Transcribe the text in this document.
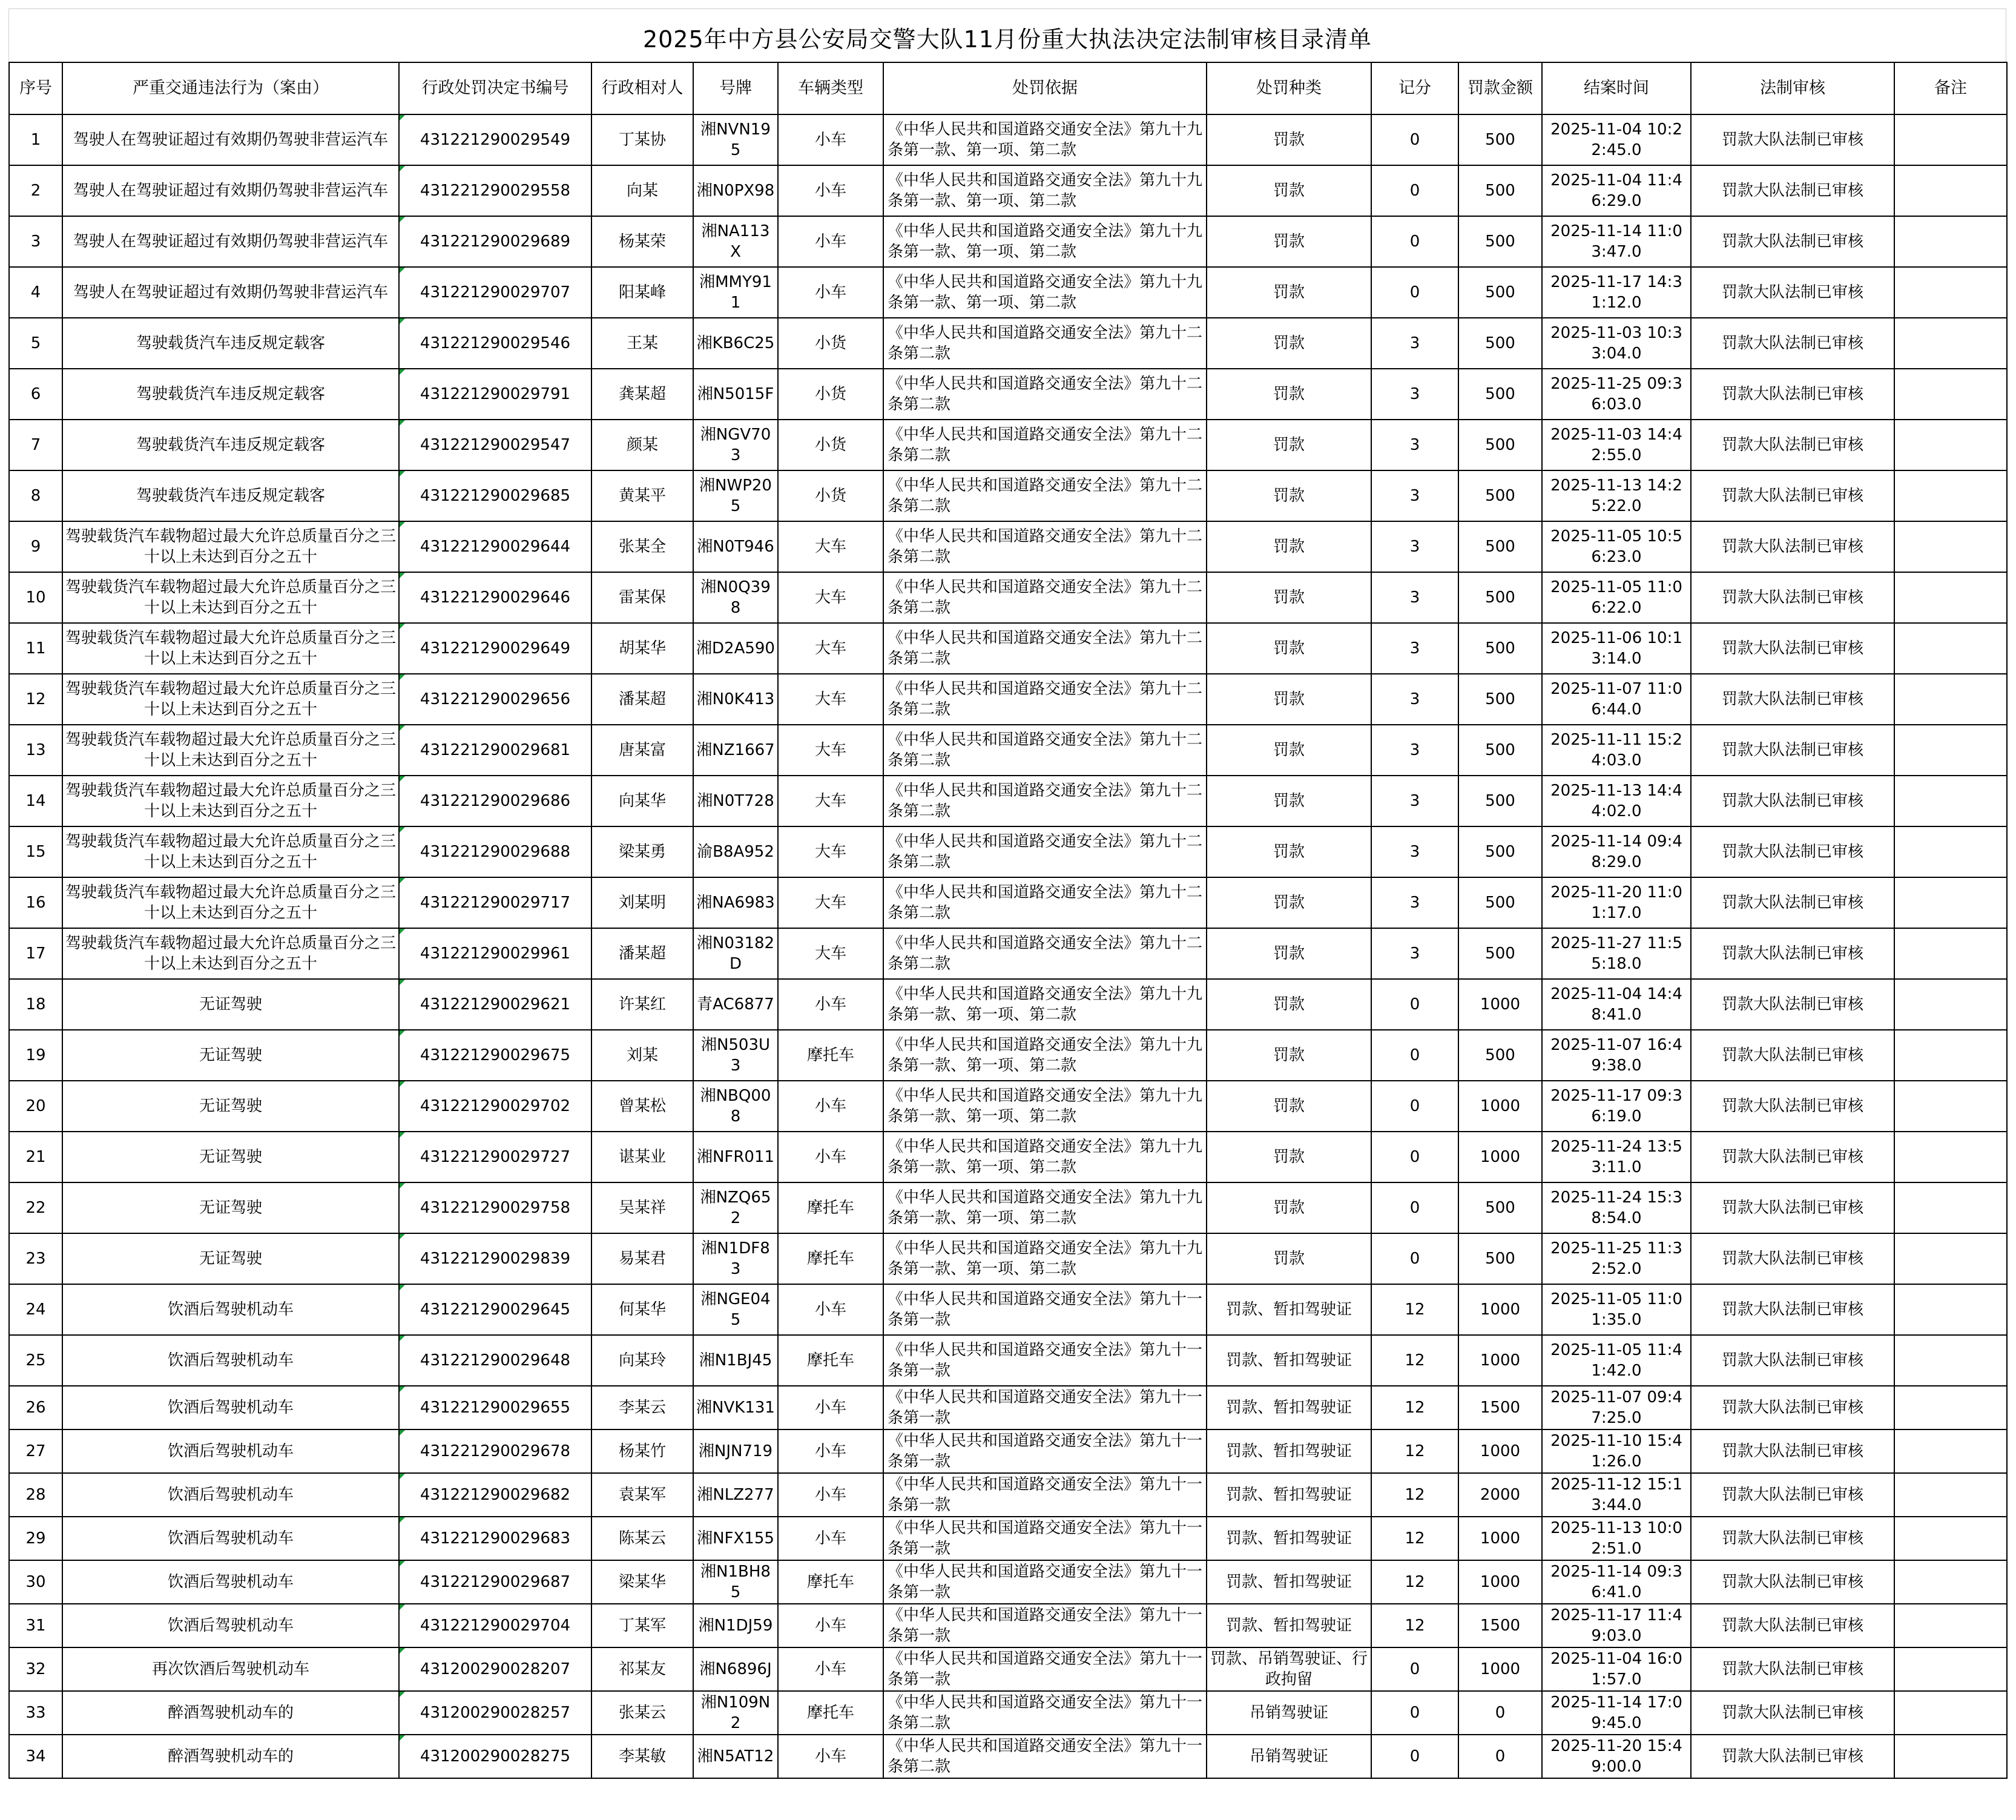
2025年中方县公安局交警大队11月份重大执法决定法制审核目录清单
序号	严重交通违法行为（案由）	行政处罚决定书编号	行政相对人	号牌	车辆类型	处罚依据	处罚种类	记分	罚款金额	结案时间	法制审核	备注
1	驾驶人在驾驶证超过有效期仍驾驶非营运汽车	431221290029549	丁某协	湘NVN195	小车	《中华人民共和国道路交通安全法》第九十九条第一款、第一项、第二款	罚款	0	500	2025-11-04 10:22:45.0	罚款大队法制已审核	
2	驾驶人在驾驶证超过有效期仍驾驶非营运汽车	431221290029558	向某	湘N0PX98	小车	《中华人民共和国道路交通安全法》第九十九条第一款、第一项、第二款	罚款	0	500	2025-11-04 11:46:29.0	罚款大队法制已审核	
3	驾驶人在驾驶证超过有效期仍驾驶非营运汽车	431221290029689	杨某荣	湘NA113X	小车	《中华人民共和国道路交通安全法》第九十九条第一款、第一项、第二款	罚款	0	500	2025-11-14 11:03:47.0	罚款大队法制已审核	
4	驾驶人在驾驶证超过有效期仍驾驶非营运汽车	431221290029707	阳某峰	湘MMY911	小车	《中华人民共和国道路交通安全法》第九十九条第一款、第一项、第二款	罚款	0	500	2025-11-17 14:31:12.0	罚款大队法制已审核	
5	驾驶载货汽车违反规定载客	431221290029546	王某	湘KB6C25	小货	《中华人民共和国道路交通安全法》第九十二条第二款	罚款	3	500	2025-11-03 10:33:04.0	罚款大队法制已审核	
6	驾驶载货汽车违反规定载客	431221290029791	龚某超	湘N5015F	小货	《中华人民共和国道路交通安全法》第九十二条第二款	罚款	3	500	2025-11-25 09:36:03.0	罚款大队法制已审核	
7	驾驶载货汽车违反规定载客	431221290029547	颜某	湘NGV703	小货	《中华人民共和国道路交通安全法》第九十二条第二款	罚款	3	500	2025-11-03 14:42:55.0	罚款大队法制已审核	
8	驾驶载货汽车违反规定载客	431221290029685	黄某平	湘NWP205	小货	《中华人民共和国道路交通安全法》第九十二条第二款	罚款	3	500	2025-11-13 14:25:22.0	罚款大队法制已审核	
9	驾驶载货汽车载物超过最大允许总质量百分之三十以上未达到百分之五十	431221290029644	张某全	湘N0T946	大车	《中华人民共和国道路交通安全法》第九十二条第二款	罚款	3	500	2025-11-05 10:56:23.0	罚款大队法制已审核	
10	驾驶载货汽车载物超过最大允许总质量百分之三十以上未达到百分之五十	431221290029646	雷某保	湘N0Q398	大车	《中华人民共和国道路交通安全法》第九十二条第二款	罚款	3	500	2025-11-05 11:06:22.0	罚款大队法制已审核	
11	驾驶载货汽车载物超过最大允许总质量百分之三十以上未达到百分之五十	431221290029649	胡某华	湘D2A590	大车	《中华人民共和国道路交通安全法》第九十二条第二款	罚款	3	500	2025-11-06 10:13:14.0	罚款大队法制已审核	
12	驾驶载货汽车载物超过最大允许总质量百分之三十以上未达到百分之五十	431221290029656	潘某超	湘N0K413	大车	《中华人民共和国道路交通安全法》第九十二条第二款	罚款	3	500	2025-11-07 11:06:44.0	罚款大队法制已审核	
13	驾驶载货汽车载物超过最大允许总质量百分之三十以上未达到百分之五十	431221290029681	唐某富	湘NZ1667	大车	《中华人民共和国道路交通安全法》第九十二条第二款	罚款	3	500	2025-11-11 15:24:03.0	罚款大队法制已审核	
14	驾驶载货汽车载物超过最大允许总质量百分之三十以上未达到百分之五十	431221290029686	向某华	湘N0T728	大车	《中华人民共和国道路交通安全法》第九十二条第二款	罚款	3	500	2025-11-13 14:44:02.0	罚款大队法制已审核	
15	驾驶载货汽车载物超过最大允许总质量百分之三十以上未达到百分之五十	431221290029688	梁某勇	渝B8A952	大车	《中华人民共和国道路交通安全法》第九十二条第二款	罚款	3	500	2025-11-14 09:48:29.0	罚款大队法制已审核	
16	驾驶载货汽车载物超过最大允许总质量百分之三十以上未达到百分之五十	431221290029717	刘某明	湘NA6983	大车	《中华人民共和国道路交通安全法》第九十二条第二款	罚款	3	500	2025-11-20 11:01:17.0	罚款大队法制已审核	
17	驾驶载货汽车载物超过最大允许总质量百分之三十以上未达到百分之五十	431221290029961	潘某超	湘N03182D	大车	《中华人民共和国道路交通安全法》第九十二条第二款	罚款	3	500	2025-11-27 11:55:18.0	罚款大队法制已审核	
18	无证驾驶	431221290029621	许某红	青AC6877	小车	《中华人民共和国道路交通安全法》第九十九条第一款、第一项、第二款	罚款	0	1000	2025-11-04 14:48:41.0	罚款大队法制已审核	
19	无证驾驶	431221290029675	刘某	湘N503U3	摩托车	《中华人民共和国道路交通安全法》第九十九条第一款、第一项、第二款	罚款	0	500	2025-11-07 16:49:38.0	罚款大队法制已审核	
20	无证驾驶	431221290029702	曾某松	湘NBQ008	小车	《中华人民共和国道路交通安全法》第九十九条第一款、第一项、第二款	罚款	0	1000	2025-11-17 09:36:19.0	罚款大队法制已审核	
21	无证驾驶	431221290029727	谌某业	湘NFR011	小车	《中华人民共和国道路交通安全法》第九十九条第一款、第一项、第二款	罚款	0	1000	2025-11-24 13:53:11.0	罚款大队法制已审核	
22	无证驾驶	431221290029758	吴某祥	湘NZQ652	摩托车	《中华人民共和国道路交通安全法》第九十九条第一款、第一项、第二款	罚款	0	500	2025-11-24 15:38:54.0	罚款大队法制已审核	
23	无证驾驶	431221290029839	易某君	湘N1DF83	摩托车	《中华人民共和国道路交通安全法》第九十九条第一款、第一项、第二款	罚款	0	500	2025-11-25 11:32:52.0	罚款大队法制已审核	
24	饮酒后驾驶机动车	431221290029645	何某华	湘NGE045	小车	《中华人民共和国道路交通安全法》第九十一条第一款	罚款、暂扣驾驶证	12	1000	2025-11-05 11:01:35.0	罚款大队法制已审核	
25	饮酒后驾驶机动车	431221290029648	向某玲	湘N1BJ45	摩托车	《中华人民共和国道路交通安全法》第九十一条第一款	罚款、暂扣驾驶证	12	1000	2025-11-05 11:41:42.0	罚款大队法制已审核	
26	饮酒后驾驶机动车	431221290029655	李某云	湘NVK131	小车	《中华人民共和国道路交通安全法》第九十一条第一款	罚款、暂扣驾驶证	12	1500	2025-11-07 09:47:25.0	罚款大队法制已审核	
27	饮酒后驾驶机动车	431221290029678	杨某竹	湘NJN719	小车	《中华人民共和国道路交通安全法》第九十一条第一款	罚款、暂扣驾驶证	12	1000	2025-11-10 15:41:26.0	罚款大队法制已审核	
28	饮酒后驾驶机动车	431221290029682	袁某军	湘NLZ277	小车	《中华人民共和国道路交通安全法》第九十一条第一款	罚款、暂扣驾驶证	12	2000	2025-11-12 15:13:44.0	罚款大队法制已审核	
29	饮酒后驾驶机动车	431221290029683	陈某云	湘NFX155	小车	《中华人民共和国道路交通安全法》第九十一条第一款	罚款、暂扣驾驶证	12	1000	2025-11-13 10:02:51.0	罚款大队法制已审核	
30	饮酒后驾驶机动车	431221290029687	梁某华	湘N1BH85	摩托车	《中华人民共和国道路交通安全法》第九十一条第一款	罚款、暂扣驾驶证	12	1000	2025-11-14 09:36:41.0	罚款大队法制已审核	
31	饮酒后驾驶机动车	431221290029704	丁某军	湘N1DJ59	小车	《中华人民共和国道路交通安全法》第九十一条第一款	罚款、暂扣驾驶证	12	1500	2025-11-17 11:49:03.0	罚款大队法制已审核	
32	再次饮酒后驾驶机动车	431200290028207	祁某友	湘N6896J	小车	《中华人民共和国道路交通安全法》第九十一条第一款	罚款、吊销驾驶证、行政拘留	0	1000	2025-11-04 16:01:57.0	罚款大队法制已审核	
33	醉酒驾驶机动车的	431200290028257	张某云	湘N109N2	摩托车	《中华人民共和国道路交通安全法》第九十一条第二款	吊销驾驶证	0	0	2025-11-14 17:09:45.0	罚款大队法制已审核	
34	醉酒驾驶机动车的	431200290028275	李某敏	湘N5AT12	小车	《中华人民共和国道路交通安全法》第九十一条第二款	吊销驾驶证	0	0	2025-11-20 15:49:00.0	罚款大队法制已审核	
